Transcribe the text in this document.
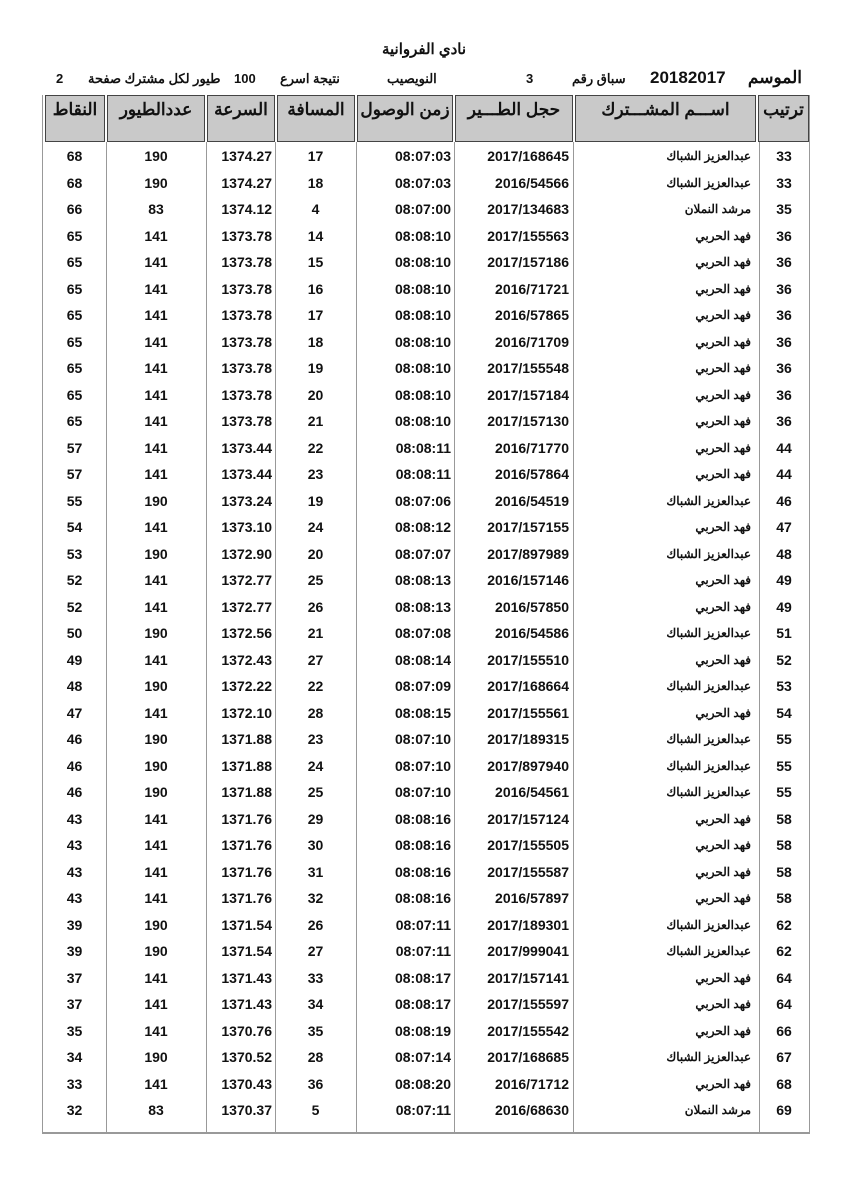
نادي الفروانية
الموسم
20182017
سباق رقم
3
النويصيب
نتيجة اسرع
100
طيور لكل مشترك صفحة
2
ترتيب
اســـم المشـــترك
حجل الطـــير
زمن الوصول
المسافة
السرعة
عددالطيور
النقاط
33
عبدالعزيز الشباك
2017/168645
08:07:03
17
1374.27
190
68
33
عبدالعزيز الشباك
2016/54566
08:07:03
18
1374.27
190
68
35
مرشد النملان
2017/134683
08:07:00
4
1374.12
83
66
36
فهد الحربي
2017/155563
08:08:10
14
1373.78
141
65
36
فهد الحربي
2017/157186
08:08:10
15
1373.78
141
65
36
فهد الحربي
2016/71721
08:08:10
16
1373.78
141
65
36
فهد الحربي
2016/57865
08:08:10
17
1373.78
141
65
36
فهد الحربي
2016/71709
08:08:10
18
1373.78
141
65
36
فهد الحربي
2017/155548
08:08:10
19
1373.78
141
65
36
فهد الحربي
2017/157184
08:08:10
20
1373.78
141
65
36
فهد الحربي
2017/157130
08:08:10
21
1373.78
141
65
44
فهد الحربي
2016/71770
08:08:11
22
1373.44
141
57
44
فهد الحربي
2016/57864
08:08:11
23
1373.44
141
57
46
عبدالعزيز الشباك
2016/54519
08:07:06
19
1373.24
190
55
47
فهد الحربي
2017/157155
08:08:12
24
1373.10
141
54
48
عبدالعزيز الشباك
2017/897989
08:07:07
20
1372.90
190
53
49
فهد الحربي
2016/157146
08:08:13
25
1372.77
141
52
49
فهد الحربي
2016/57850
08:08:13
26
1372.77
141
52
51
عبدالعزيز الشباك
2016/54586
08:07:08
21
1372.56
190
50
52
فهد الحربي
2017/155510
08:08:14
27
1372.43
141
49
53
عبدالعزيز الشباك
2017/168664
08:07:09
22
1372.22
190
48
54
فهد الحربي
2017/155561
08:08:15
28
1372.10
141
47
55
عبدالعزيز الشباك
2017/189315
08:07:10
23
1371.88
190
46
55
عبدالعزيز الشباك
2017/897940
08:07:10
24
1371.88
190
46
55
عبدالعزيز الشباك
2016/54561
08:07:10
25
1371.88
190
46
58
فهد الحربي
2017/157124
08:08:16
29
1371.76
141
43
58
فهد الحربي
2017/155505
08:08:16
30
1371.76
141
43
58
فهد الحربي
2017/155587
08:08:16
31
1371.76
141
43
58
فهد الحربي
2016/57897
08:08:16
32
1371.76
141
43
62
عبدالعزيز الشباك
2017/189301
08:07:11
26
1371.54
190
39
62
عبدالعزيز الشباك
2017/999041
08:07:11
27
1371.54
190
39
64
فهد الحربي
2017/157141
08:08:17
33
1371.43
141
37
64
فهد الحربي
2017/155597
08:08:17
34
1371.43
141
37
66
فهد الحربي
2017/155542
08:08:19
35
1370.76
141
35
67
عبدالعزيز الشباك
2017/168685
08:07:14
28
1370.52
190
34
68
فهد الحربي
2016/71712
08:08:20
36
1370.43
141
33
69
مرشد النملان
2016/68630
08:07:11
5
1370.37
83
32
